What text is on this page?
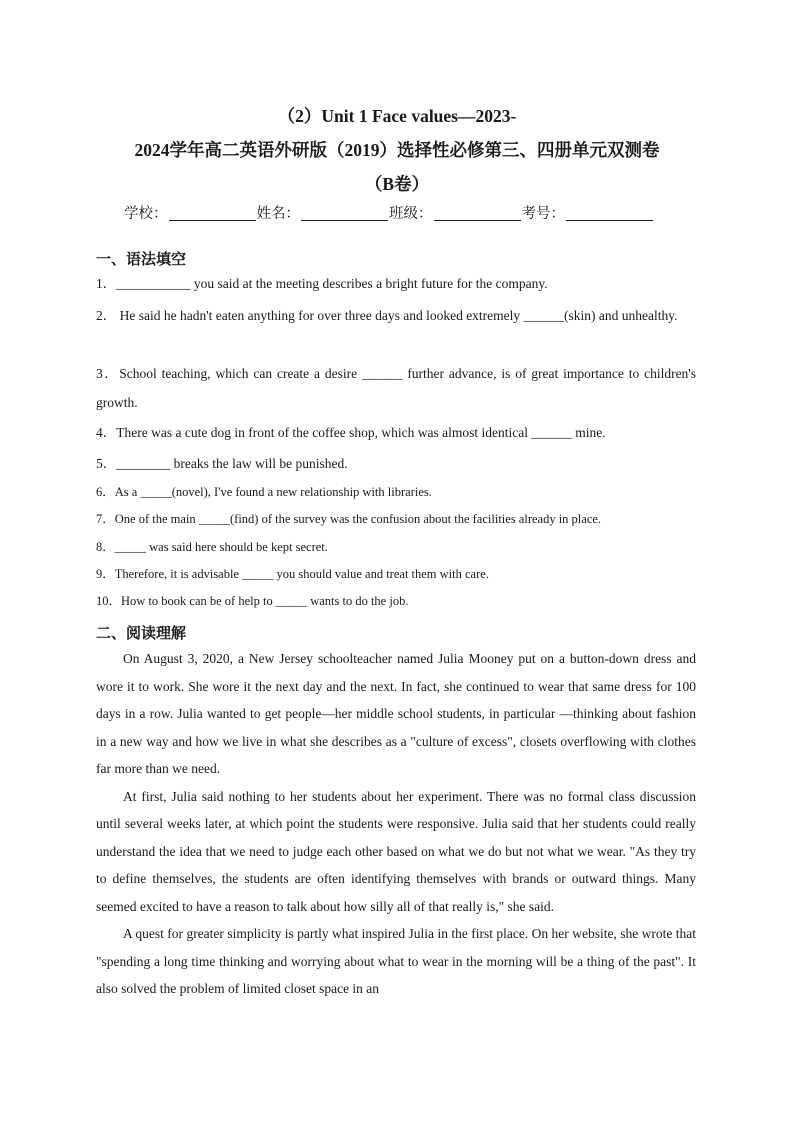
（2）Unit 1 Face values—2023-
2024学年高二英语外研版（2019）选择性必修第三、四册单元双测卷
（B卷）
学校：	姓名：	班级：	考号：
一、语法填空
1．___________ you said at the meeting describes a bright future for the company.
2． He said he hadn't eaten anything for over three days and looked extremely ______(skin) and unhealthy.
3．School teaching, which can create a desire ______ further advance, is of great importance to children's growth.
4．There was a cute dog in front of the coffee shop, which was almost identical ______ mine.
5．________ breaks the law will be punished.
6．As a _____(novel), I've found a new relationship with libraries.
7．One of the main _____(find) of the survey was the confusion about the facilities already in place.
8．_____ was said here should be kept secret.
9．Therefore, it is advisable _____ you should value and treat them with care.
10．How to book can be of help to _____ wants to do the job.
二、阅读理解

On August 3, 2020, a New Jersey schoolteacher named Julia Mooney put on a button-down dress and wore it to work. She wore it the next day and the next. In fact, she continued to wear that same dress for 100 days in a row. Julia wanted to get people—her middle school students, in particular —thinking about fashion in a new way and how we live in what she describes as a "culture of excess", closets overflowing with clothes far more than we need.

At first, Julia said nothing to her students about her experiment. There was no formal class discussion until several weeks later, at which point the students were responsive. Julia said that her students could really understand the idea that we need to judge each other based on what we do but not what we wear. "As they try to define themselves, the students are often identifying themselves with brands or outward things. Many seemed excited to have a reason to talk about how silly all of that really is," she said.

A quest for greater simplicity is partly what inspired Julia in the first place. On her website, she wrote that "spending a long time thinking and worrying about what to wear in the morning will be a thing of the past". It also solved the problem of limited closet space in an
